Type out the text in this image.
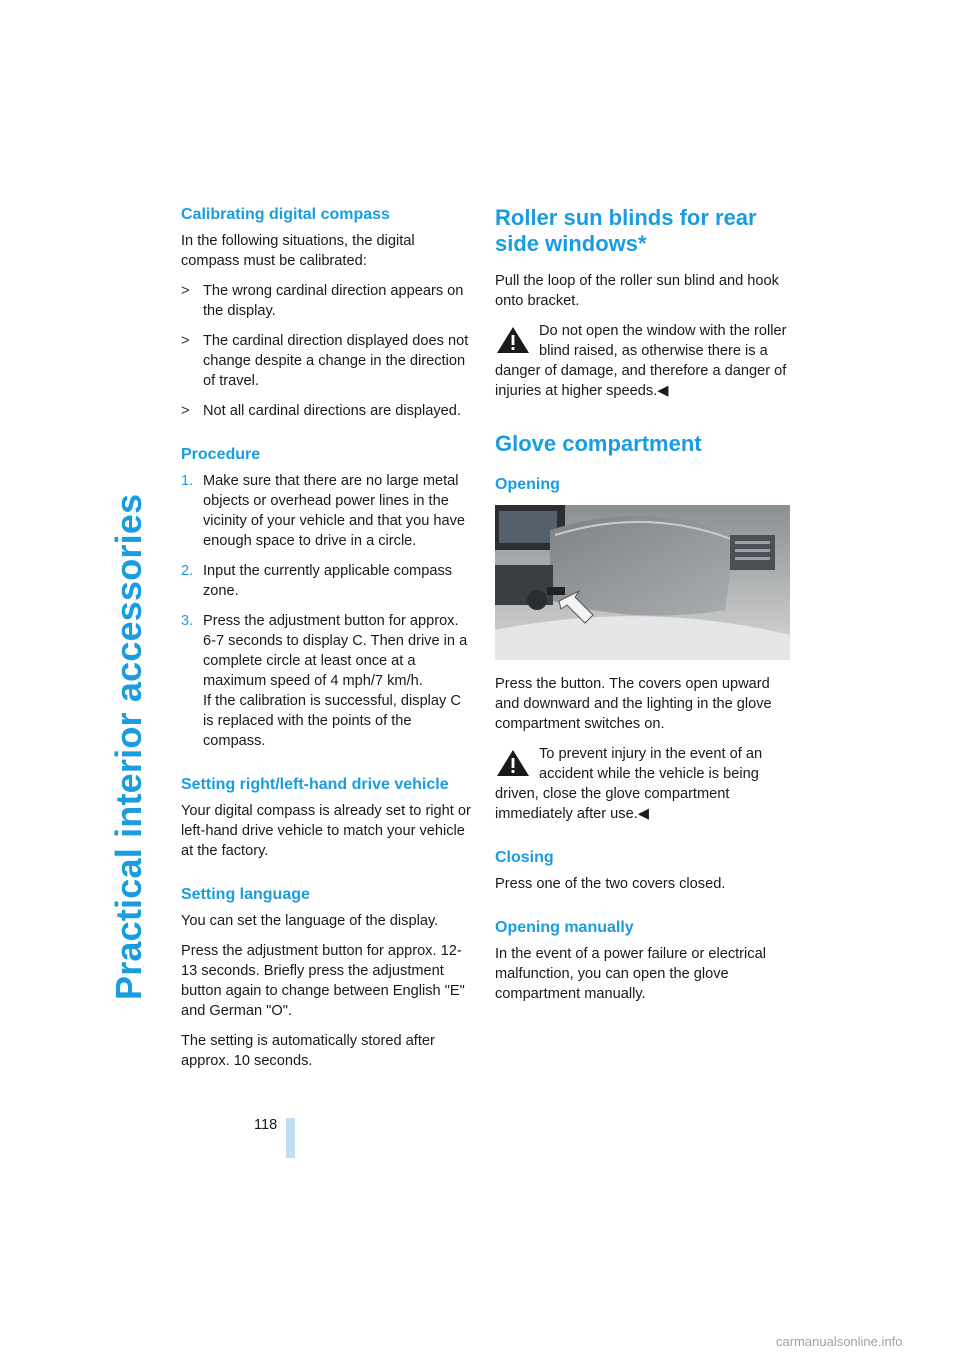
Practical interior accessories
Calibrating digital compass

In the following situations, the digital compass must be calibrated:

> The wrong cardinal direction appears on the display.
> The cardinal direction displayed does not change despite a change in the direction of travel.
> Not all cardinal directions are displayed.
Procedure
1. Make sure that there are no large metal objects or overhead power lines in the vicinity of your vehicle and that you have enough space to drive in a circle.
2. Input the currently applicable compass zone.
3. Press the adjustment button for approx. 6-7 seconds to display C. Then drive in a complete circle at least once at a maximum speed of 4 mph/7 km/h.
If the calibration is successful, display C is replaced with the points of the compass.
Setting right/left-hand drive vehicle

Your digital compass is already set to right or left-hand drive vehicle to match your vehicle at the factory.

Setting language

You can set the language of the display.

Press the adjustment button for approx. 12-13 seconds. Briefly press the adjustment button again to change between English "E" and German "O".

The setting is automatically stored after approx. 10 seconds.

Roller sun blinds for rear side windows*

Pull the loop of the roller sun blind and hook onto bracket.

Do not open the window with the roller blind raised, as otherwise there is a danger of damage, and therefore a danger of injuries at higher speeds.◀
Glove compartment
Opening

Press the button. The covers open upward and downward and the lighting in the glove compartment switches on.

To prevent injury in the event of an accident while the vehicle is being driven, close the glove compartment immediately after use.◀
Closing

Press one of the two covers closed.

Opening manually

In the event of a power failure or electrical malfunction, you can open the glove compartment manually.

118
carmanualsonline.info
